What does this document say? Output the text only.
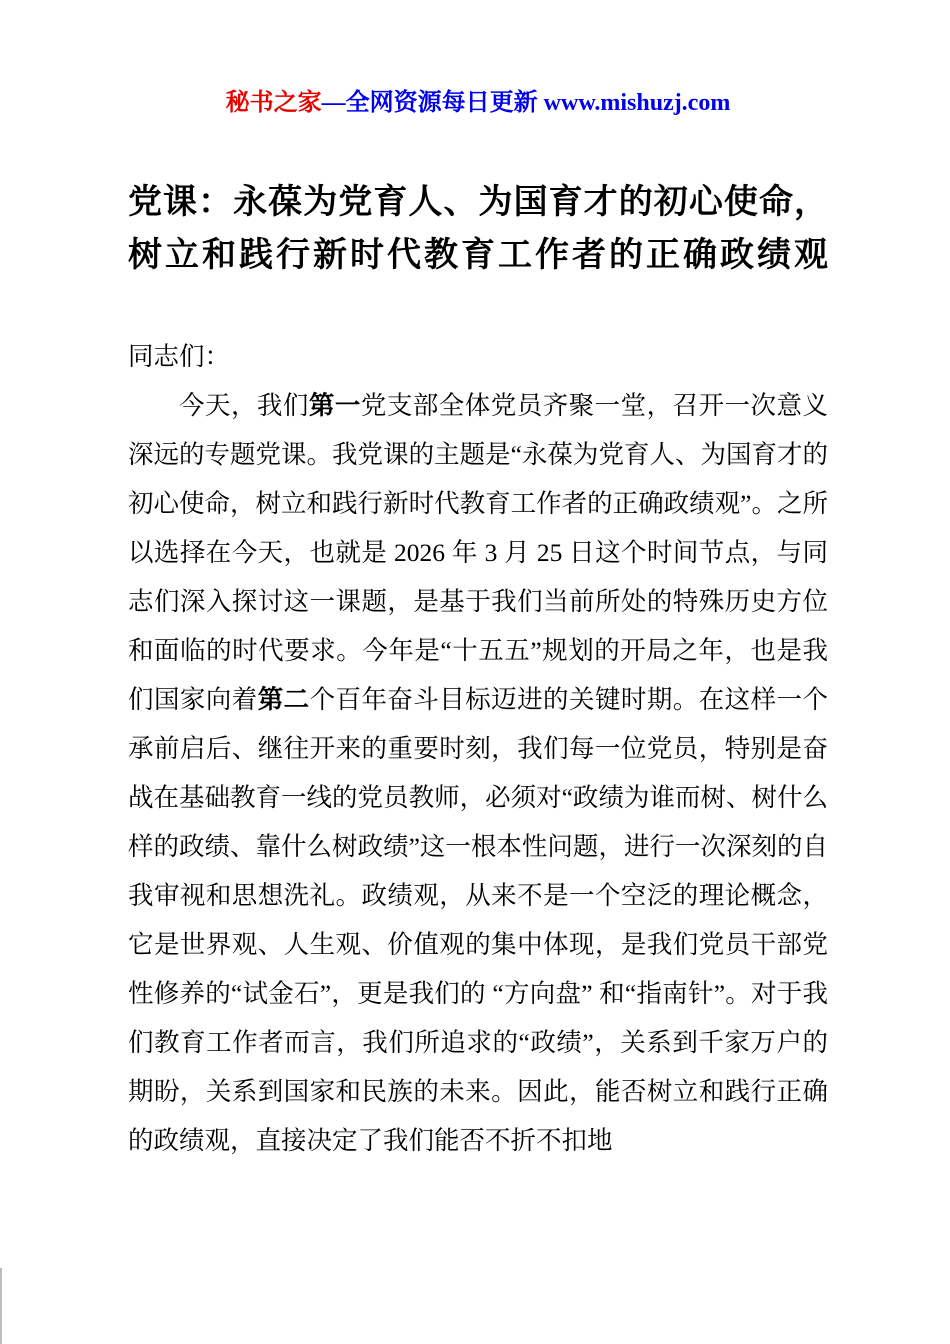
秘书之家—全网资源每日更新 www.mishuzj.com
党课：永葆为党育人、为国育才的初心使命，
树立和践行新时代教育工作者的正确政绩观

同志们：

今天，我们第一党支部全体党员齐聚一堂，召开一次意义深远的专题党课。我党课的主题是“永葆为党育人、为国育才的初心使命，树立和践行新时代教育工作者的正确政绩观”。之所以选择在今天，也就是 2026 年 3 月 25 日这个时间节点，与同志们深入探讨这一课题，是基于我们当前所处的特殊历史方位和面临的时代要求。今年是“十五五”规划的开局之年，也是我们国家向着第二个百年奋斗目标迈进的关键时期。在这样一个承前启后、继往开来的重要时刻，我们每一位党员，特别是奋战在基础教育一线的党员教师，必须对“政绩为谁而树、树什么样的政绩、靠什么树政绩”这一根本性问题，进行一次深刻的自我审视和思想洗礼。政绩观，从来不是一个空泛的理论概念，它是世界观、人生观、价值观的集中体现，是我们党员干部党性修养的“试金石”，更是我们的 “方向盘” 和“指南针”。对于我们教育工作者而言，我们所追求的“政绩”，关系到千家万户的期盼，关系到国家和民族的未来。因此，能否树立和践行正确的政绩观，直接决定了我们能否不折不扣地
